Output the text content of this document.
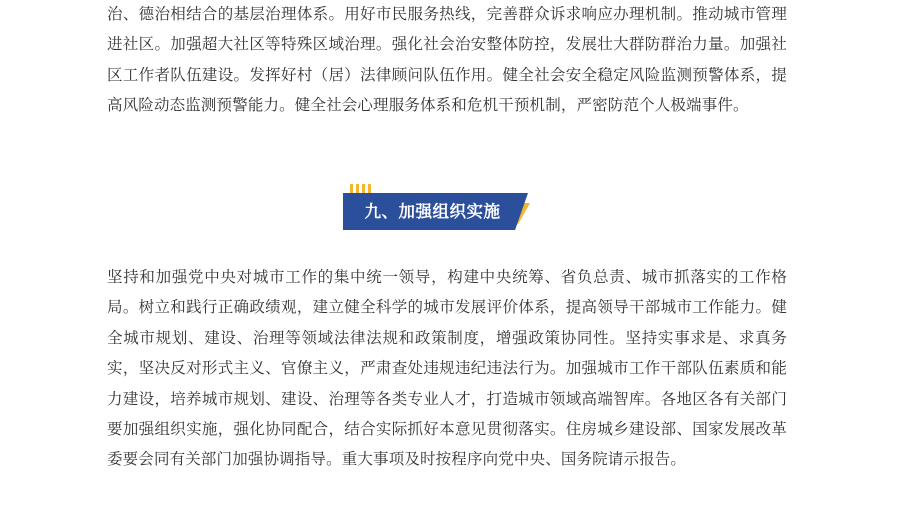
治、德治相结合的基层治理体系。用好市民服务热线，完善群众诉求响应办理机制。推动城市管理进社区。加强超大社区等特殊区域治理。强化社会治安整体防控，发展壮大群防群治力量。加强社区工作者队伍建设。发挥好村（居）法律顾问队伍作用。健全社会安全稳定风险监测预警体系，提高风险动态监测预警能力。健全社会心理服务体系和危机干预机制，严密防范个人极端事件。

九、加强组织实施

坚持和加强党中央对城市工作的集中统一领导，构建中央统筹、省负总责、城市抓落实的工作格局。树立和践行正确政绩观，建立健全科学的城市发展评价体系，提高领导干部城市工作能力。健全城市规划、建设、治理等领域法律法规和政策制度，增强政策协同性。坚持实事求是、求真务实，坚决反对形式主义、官僚主义，严肃查处违规违纪违法行为。加强城市工作干部队伍素质和能力建设，培养城市规划、建设、治理等各类专业人才，打造城市领域高端智库。各地区各有关部门要加强组织实施，强化协同配合，结合实际抓好本意见贯彻落实。住房城乡建设部、国家发展改革委要会同有关部门加强协调指导。重大事项及时按程序向党中央、国务院请示报告。
